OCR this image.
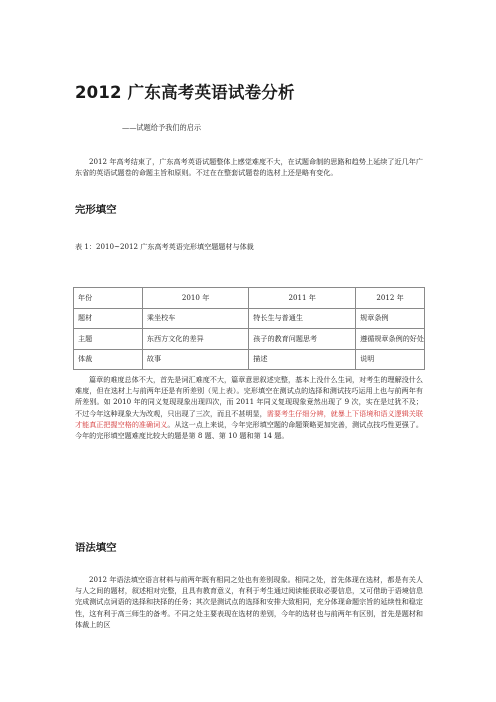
2012 广东高考英语试卷分析
——试题给予我们的启示

2012 年高考结束了，广东高考英语试题整体上感觉难度不大，在试题命制的思路和趋势上延续了近几年广东省的英语试题卷的命题主旨和原则。不过在在整套试题卷的选材上还是略有变化。

完形填空
表 1：2010~2012 广东高考英语完形填空题题材与体裁
年份	2010 年	2011 年	2012 年
题材	乘坐校车	特长生与普通生	规章条例
主题	东西方文化的差异	孩子的教育问题思考	遵循规章条例的好处
体裁	故事	描述	说明

篇章的难度总体不大，首先是词汇难度不大，篇章意思叙述完整，基本上没什么生词，对考生的理解没什么难度，但在选材上与前两年还是有所差别（见上表）。完形填空在测试点的选择和测试技巧运用上也与前两年有所差别。如 2010 年的同义复现现象出现四次，而 2011 年同义复现现象竟然出现了 9 次，实在是过犹不及；不过今年这种现象大为改观，只出现了三次，而且不甚明显，需要考生仔细分辨，就暴上下语境和语义逻辑关联才能真正把握空格的准确词义。从这一点上来说，今年完形填空题的命题策略更加完善，测试点技巧性更强了。今年的完形填空题难度比较大的题是第 8 题、第 10 题和第 14 题。

语法填空

2012 年语法填空语言材料与前两年既有相同之处也有差别现象。相同之处，首先体现在选材，都是有关人与人之间的题材，叙述相对完整，且具有教育意义，有利于考生通过阅读能获取必要信息，又可借助于语境信息完成测试点词语的选择和抉择的任务；其次是测试点的选择和安排大致相同，充分体现命题宗旨的延续性和稳定性，这有利于高三师生的备考。不同之处主要表现在选材的差别，今年的选材也与前两年有区别，首先是题材和体裁上的区
